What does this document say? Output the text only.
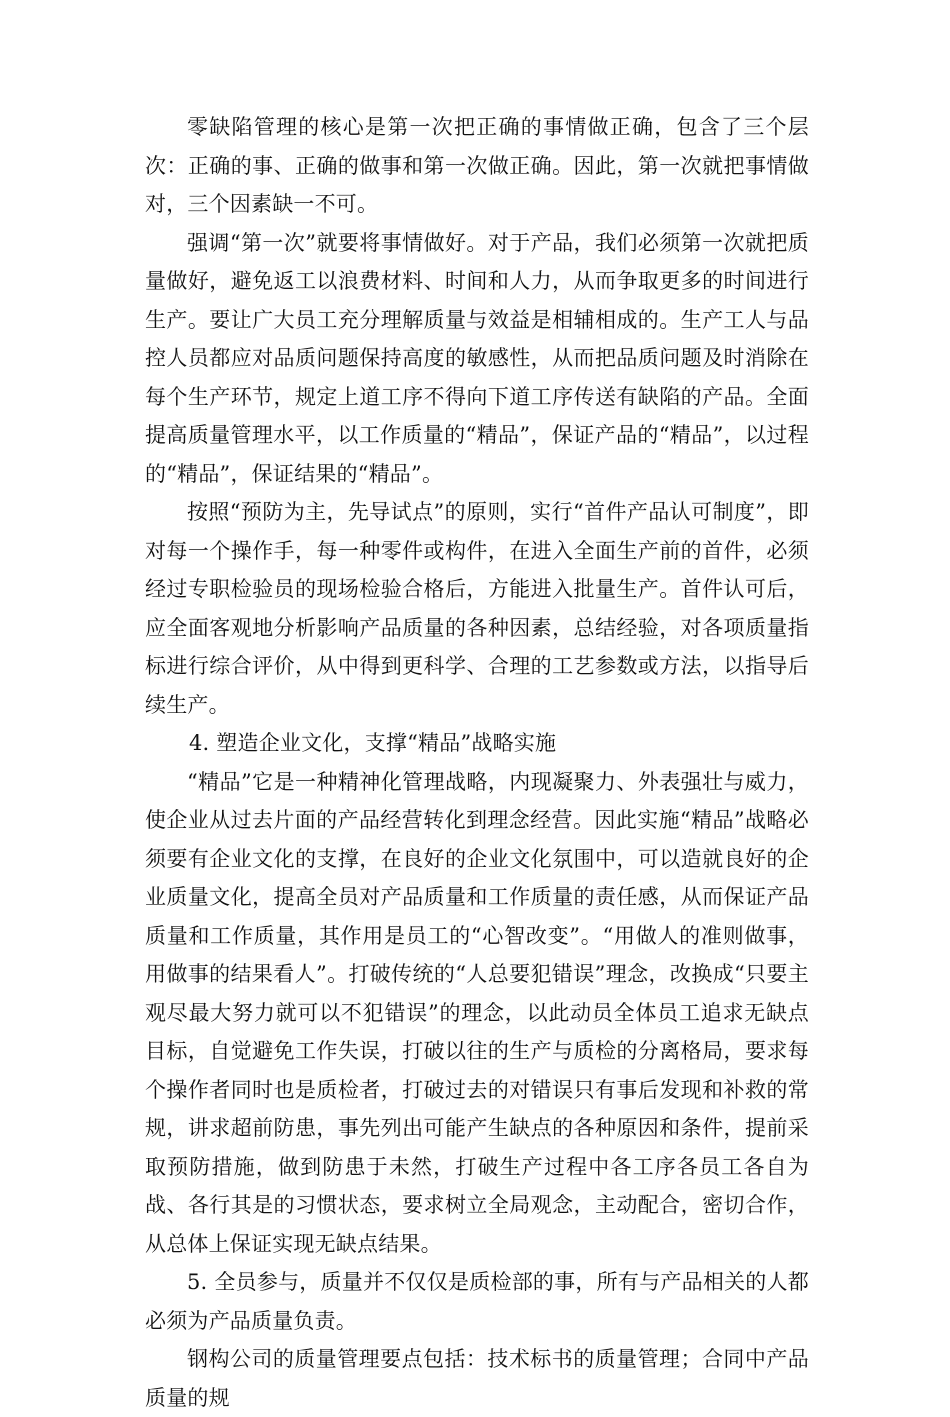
零缺陷管理的核心是第一次把正确的事情做正确，包含了三个层次：正确的事、正确的做事和第一次做正确。因此，第一次就把事情做对，三个因素缺一不可。

强调“第一次”就要将事情做好。对于产品，我们必须第一次就把质量做好，避免返工以浪费材料、时间和人力，从而争取更多的时间进行生产。要让广大员工充分理解质量与效益是相辅相成的。生产工人与品控人员都应对品质问题保持高度的敏感性，从而把品质问题及时消除在每个生产环节，规定上道工序不得向下道工序传送有缺陷的产品。全面提高质量管理水平，以工作质量的“精品”，保证产品的“精品”，以过程的“精品”，保证结果的“精品”。

按照“预防为主，先导试点”的原则，实行“首件产品认可制度”，即对每一个操作手，每一种零件或构件，在进入全面生产前的首件，必须经过专职检验员的现场检验合格后，方能进入批量生产。首件认可后，应全面客观地分析影响产品质量的各种因素，总结经验，对各项质量指标进行综合评价，从中得到更科学、合理的工艺参数或方法，以指导后续生产。

4. 塑造企业文化，支撑“精品”战略实施

“精品”它是一种精神化管理战略，内现凝聚力、外表强壮与威力，使企业从过去片面的产品经营转化到理念经营。因此实施“精品”战略必须要有企业文化的支撑，在良好的企业文化氛围中，可以造就良好的企业质量文化，提高全员对产品质量和工作质量的责任感，从而保证产品质量和工作质量，其作用是员工的“心智改变”。“用做人的准则做事，用做事的结果看人”。打破传统的“人总要犯错误”理念，改换成“只要主观尽最大努力就可以不犯错误”的理念，以此动员全体员工追求无缺点目标，自觉避免工作失误，打破以往的生产与质检的分离格局，要求每个操作者同时也是质检者，打破过去的对错误只有事后发现和补救的常规，讲求超前防患，事先列出可能产生缺点的各种原因和条件，提前采取预防措施，做到防患于未然，打破生产过程中各工序各员工各自为战、各行其是的习惯状态，要求树立全局观念，主动配合，密切合作，从总体上保证实现无缺点结果。

5. 全员参与，质量并不仅仅是质检部的事，所有与产品相关的人都必须为产品质量负责。

钢构公司的质量管理要点包括：技术标书的质量管理；合同中产品质量的规
